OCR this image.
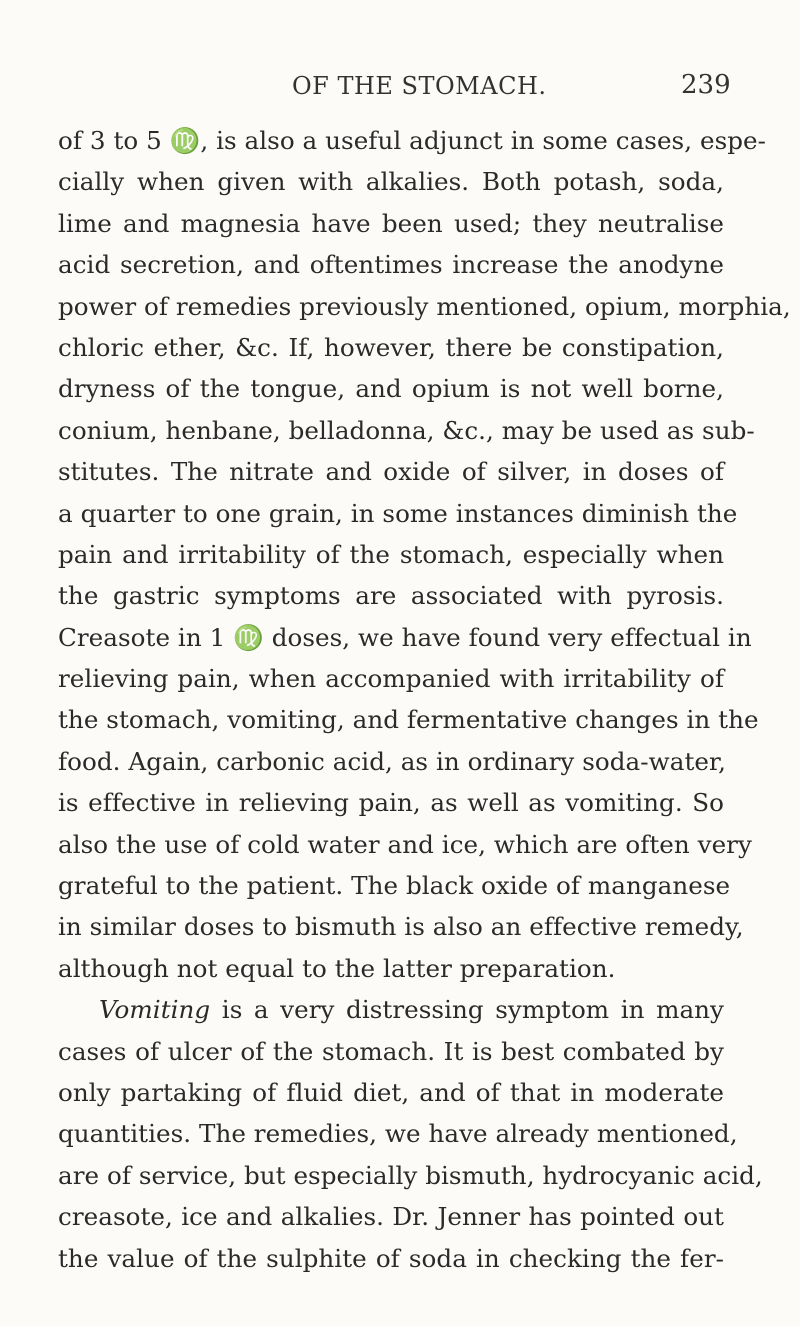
OF THE STOMACH.	239
of 3 to 5 ♍, is also a useful adjunct in some cases, espe-
cially when given with alkalies. Both potash, soda,
lime and magnesia have been used; they neutralise
acid secretion, and oftentimes increase the anodyne
power of remedies previously mentioned, opium, morphia,
chloric ether, &c. If, however, there be constipation,
dryness of the tongue, and opium is not well borne,
conium, henbane, belladonna, &c., may be used as sub-
stitutes. The nitrate and oxide of silver, in doses of
a quarter to one grain, in some instances diminish the
pain and irritability of the stomach, especially when
the gastric symptoms are associated with pyrosis.
Creasote in 1 ♍ doses, we have found very effectual in
relieving pain, when accompanied with irritability of
the stomach, vomiting, and fermentative changes in the
food. Again, carbonic acid, as in ordinary soda-water,
is effective in relieving pain, as well as vomiting. So
also the use of cold water and ice, which are often very
grateful to the patient. The black oxide of manganese
in similar doses to bismuth is also an effective remedy,
although not equal to the latter preparation.
Vomiting is a very distressing symptom in many
cases of ulcer of the stomach. It is best combated by
only partaking of fluid diet, and of that in moderate
quantities. The remedies, we have already mentioned,
are of service, but especially bismuth, hydrocyanic acid,
creasote, ice and alkalies. Dr. Jenner has pointed out
the value of the sulphite of soda in checking the fer-
